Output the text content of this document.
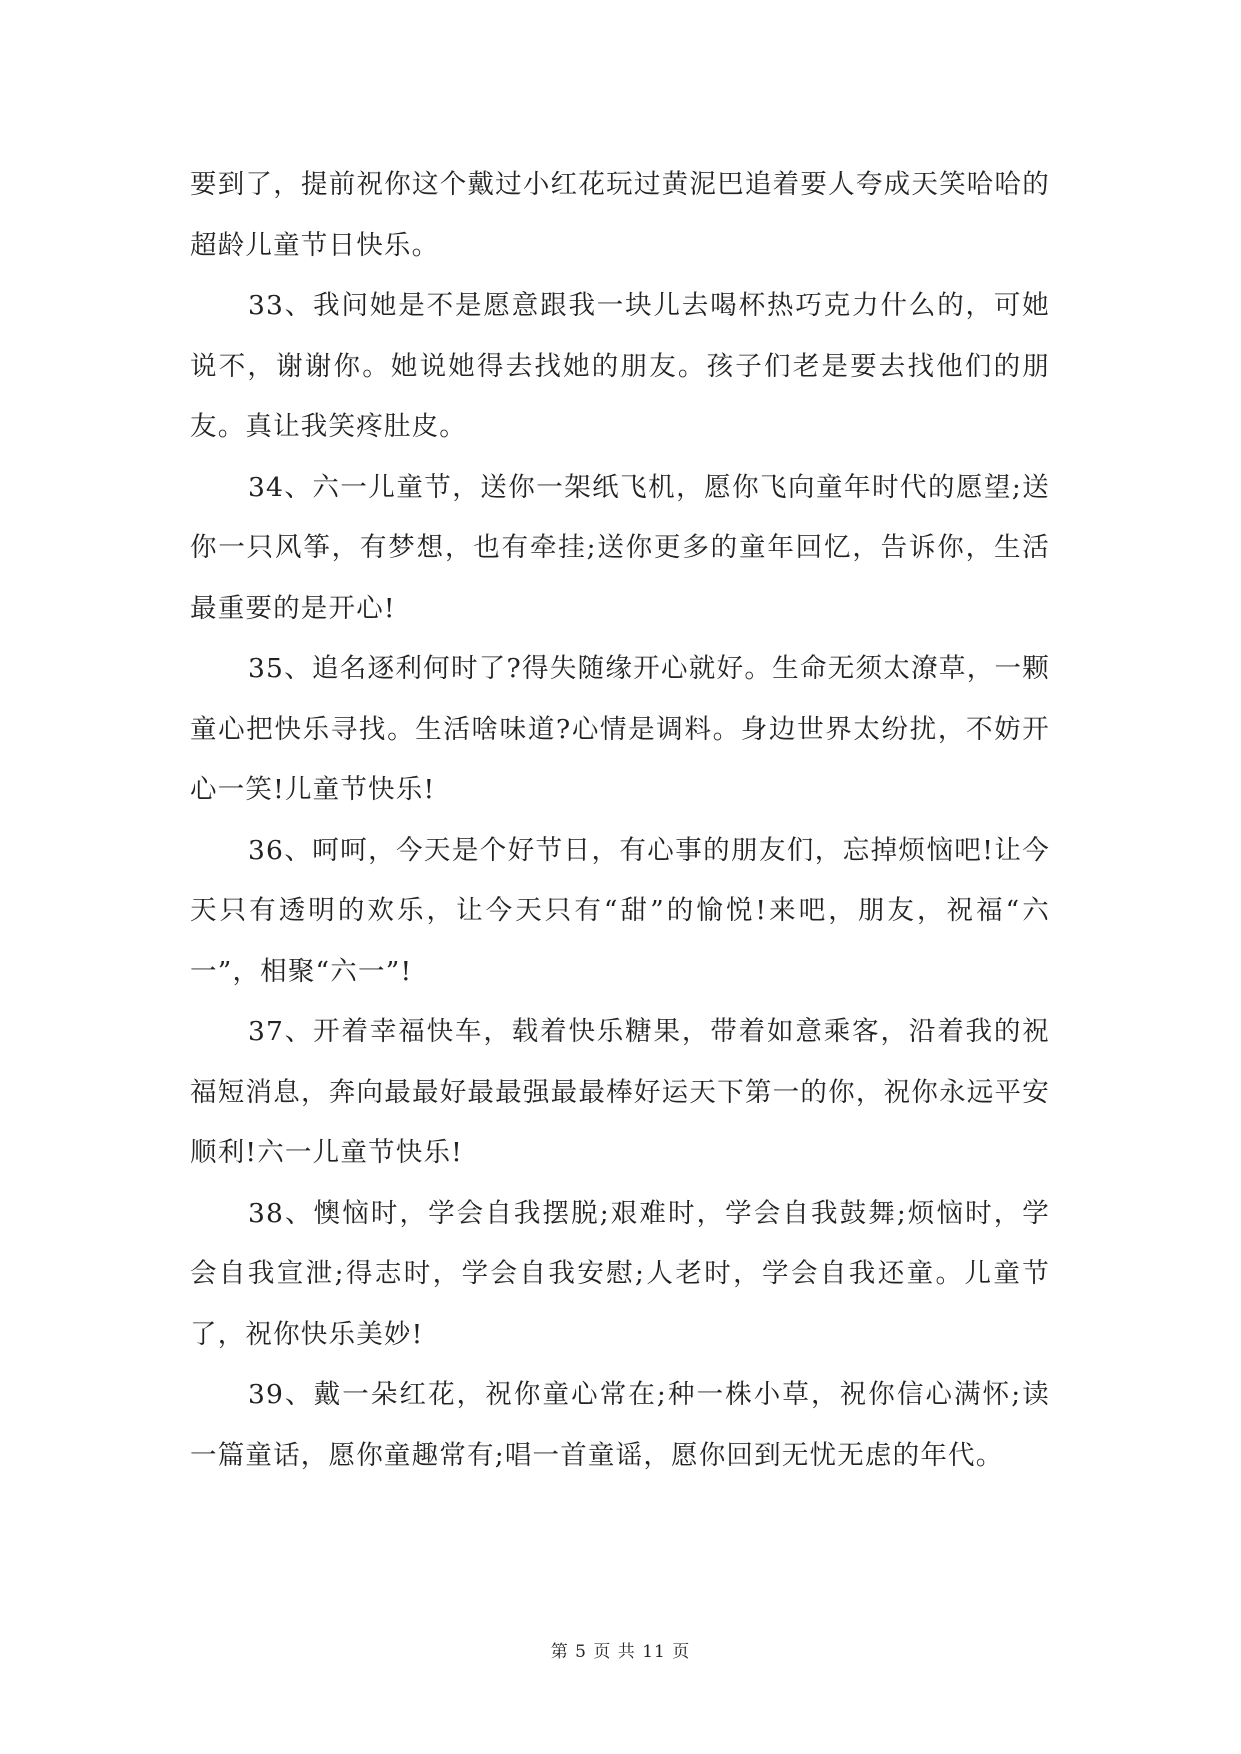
要到了，提前祝你这个戴过小红花玩过黄泥巴追着要人夸成天笑哈哈的超龄儿童节日快乐。

33、我问她是不是愿意跟我一块儿去喝杯热巧克力什么的，可她说不，谢谢你。她说她得去找她的朋友。孩子们老是要去找他们的朋友。真让我笑疼肚皮。

34、六一儿童节，送你一架纸飞机，愿你飞向童年时代的愿望;送你一只风筝，有梦想，也有牵挂;送你更多的童年回忆，告诉你，生活最重要的是开心!

35、追名逐利何时了?得失随缘开心就好。生命无须太潦草，一颗童心把快乐寻找。生活啥味道?心情是调料。身边世界太纷扰，不妨开心一笑!儿童节快乐!

36、呵呵，今天是个好节日，有心事的朋友们，忘掉烦恼吧!让今天只有透明的欢乐，让今天只有“甜”的愉悦!来吧，朋友，祝福“六一”，相聚“六一”!

37、开着幸福快车，载着快乐糖果，带着如意乘客，沿着我的祝福短消息，奔向最最好最最强最最棒好运天下第一的你，祝你永远平安顺利!六一儿童节快乐!

38、懊恼时，学会自我摆脱;艰难时，学会自我鼓舞;烦恼时，学会自我宣泄;得志时，学会自我安慰;人老时，学会自我还童。儿童节了，祝你快乐美妙!

39、戴一朵红花，祝你童心常在;种一株小草，祝你信心满怀;读一篇童话，愿你童趣常有;唱一首童谣，愿你回到无忧无虑的年代。

第 5 页 共 11 页
